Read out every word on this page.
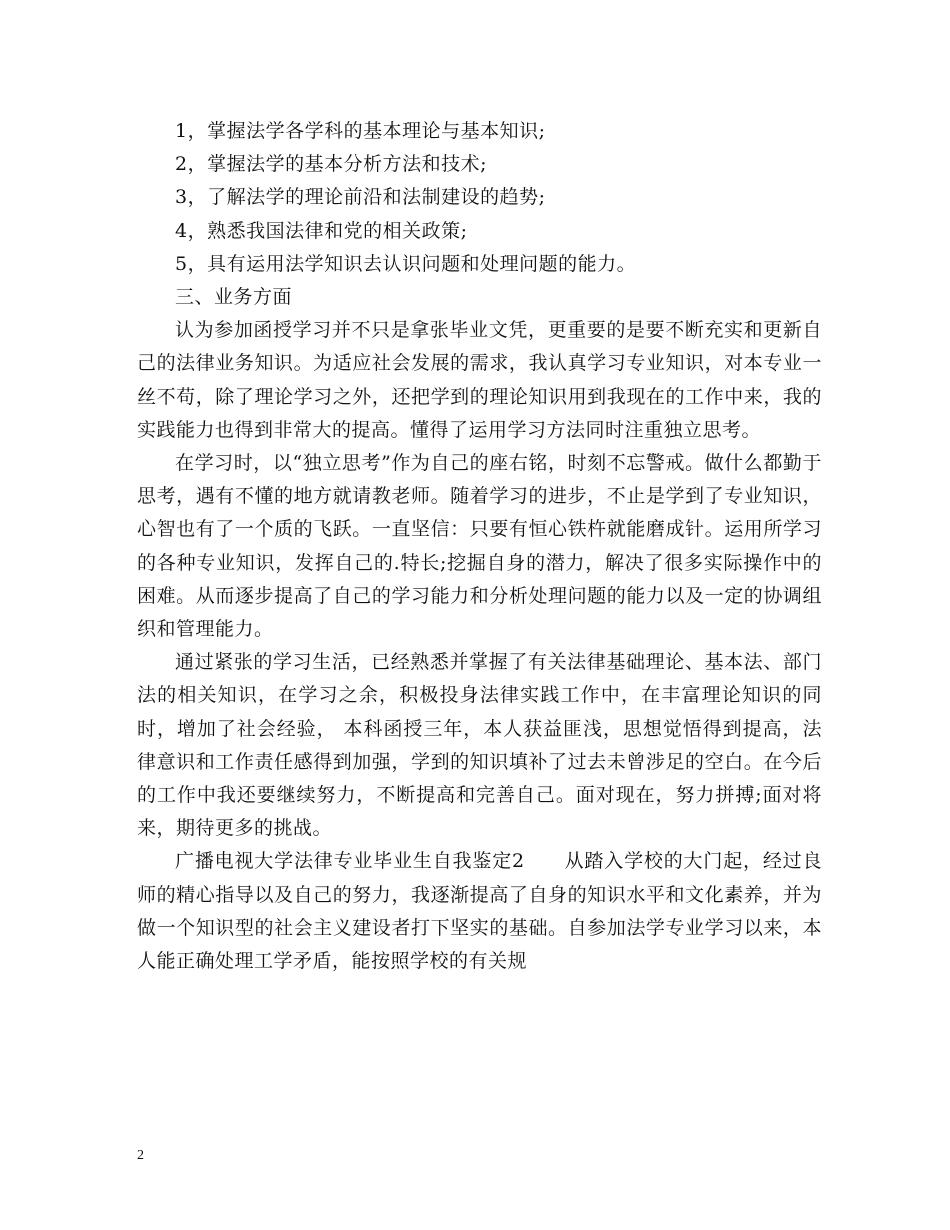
1，掌握法学各学科的基本理论与基本知识;

2，掌握法学的基本分析方法和技术;

3，了解法学的理论前沿和法制建设的趋势;

4，熟悉我国法律和党的相关政策;

5，具有运用法学知识去认识问题和处理问题的能力。

三、业务方面

认为参加函授学习并不只是拿张毕业文凭，更重要的是要不断充实和更新自己的法律业务知识。为适应社会发展的需求，我认真学习专业知识，对本专业一丝不苟，除了理论学习之外，还把学到的理论知识用到我现在的工作中来，我的实践能力也得到非常大的提高。懂得了运用学习方法同时注重独立思考。

在学习时，以“独立思考”作为自己的座右铭，时刻不忘警戒。做什么都勤于思考，遇有不懂的地方就请教老师。随着学习的进步，不止是学到了专业知识，心智也有了一个质的飞跃。一直坚信：只要有恒心铁杵就能磨成针。运用所学习的各种专业知识，发挥自己的.特长;挖掘自身的潜力，解决了很多实际操作中的困难。从而逐步提高了自己的学习能力和分析处理问题的能力以及一定的协调组织和管理能力。

通过紧张的学习生活，已经熟悉并掌握了有关法律基础理论、基本法、部门法的相关知识，在学习之余，积极投身法律实践工作中，在丰富理论知识的同时，增加了社会经验， 本科函授三年，本人获益匪浅，思想觉悟得到提高，法律意识和工作责任感得到加强，学到的知识填补了过去未曾涉足的空白。在今后的工作中我还要继续努力，不断提高和完善自己。面对现在，努力拼搏;面对将来，期待更多的挑战。

广播电视大学法律专业毕业生自我鉴定2　　从踏入学校的大门起，经过良师的精心指导以及自己的努力，我逐渐提高了自身的知识水平和文化素养，并为做一个知识型的社会主义建设者打下坚实的基础。自参加法学专业学习以来，本人能正确处理工学矛盾，能按照学校的有关规

2
